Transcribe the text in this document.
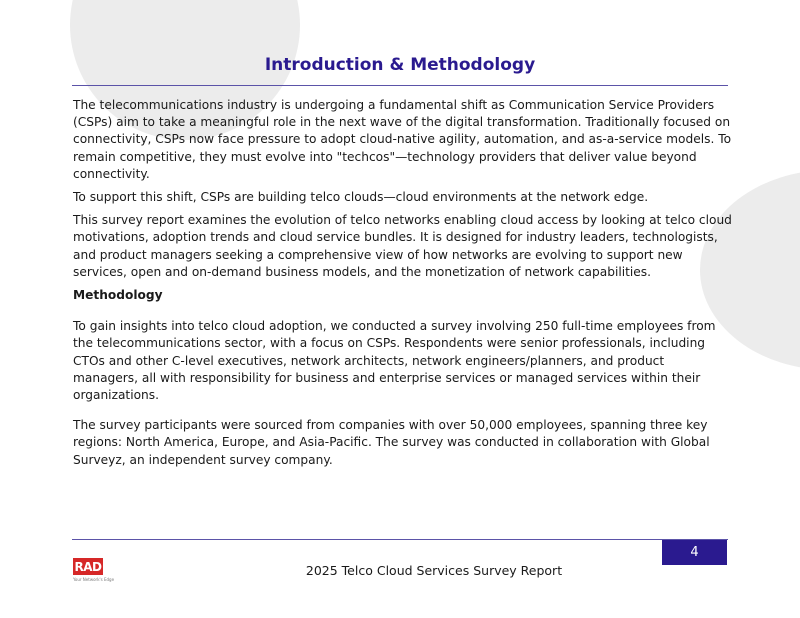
Introduction & Methodology

The telecommunications industry is undergoing a fundamental shift as Communication Service Providers (CSPs) aim to take a meaningful role in the next wave of the digital transformation. Traditionally focused on connectivity, CSPs now face pressure to adopt cloud-native agility, automation, and as-a-service models. To remain competitive, they must evolve into "techcos"—technology providers that deliver value beyond connectivity.

To support this shift, CSPs are building telco clouds—cloud environments at the network edge.

This survey report examines the evolution of telco networks enabling cloud access by looking at telco cloud motivations, adoption trends and cloud service bundles. It is designed for industry leaders, technologists, and product managers seeking a comprehensive view of how networks are evolving to support new services, open and on-demand business models, and the monetization of network capabilities.

Methodology

To gain insights into telco cloud adoption, we conducted a survey involving 250 full-time employees from the telecommunications sector, with a focus on CSPs. Respondents were senior professionals, including CTOs and other C-level executives, network architects, network engineers/planners, and product managers, all with responsibility for business and enterprise services or managed services within their organizations.

The survey participants were sourced from companies with over 50,000 employees, spanning three key regions: North America, Europe, and Asia-Pacific. The survey was conducted in collaboration with Global Surveyz, an independent survey company.

4
2025 Telco Cloud Services Survey Report
RAD
Your Network's Edge
